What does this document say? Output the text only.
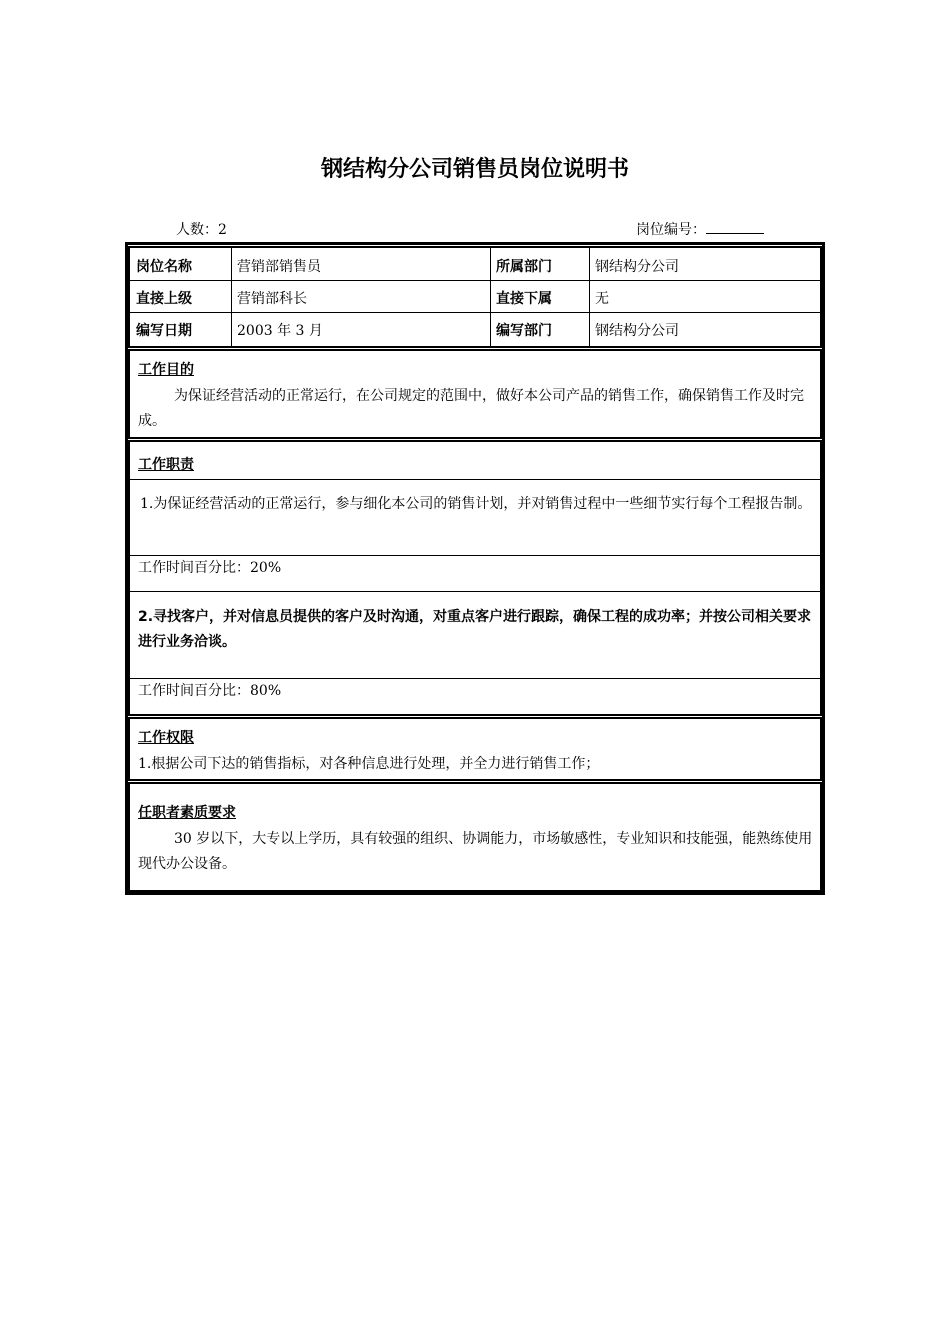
钢结构分公司销售员岗位说明书
人数：2	岗位编号：
岗位名称	营销部销售员	所属部门	钢结构分公司
直接上级	营销部科长	直接下属	无
编写日期	2003 年 3 月	编写部门	钢结构分公司
工作目的
为保证经营活动的正常运行，在公司规定的范围中，做好本公司产品的销售工作，确保销售工作及时完成。
工作职责
1.为保证经营活动的正常运行，参与细化本公司的销售计划，并对销售过程中一些细节实行每个工程报告制。
工作时间百分比：20%
2.寻找客户，并对信息员提供的客户及时沟通，对重点客户进行跟踪，确保工程的成功率；并按公司相关要求进行业务洽谈。
工作时间百分比：80%
工作权限
1.根据公司下达的销售指标，对各种信息进行处理，并全力进行销售工作；
任职者素质要求
30 岁以下，大专以上学历，具有较强的组织、协调能力，市场敏感性，专业知识和技能强，能熟练使用现代办公设备。
